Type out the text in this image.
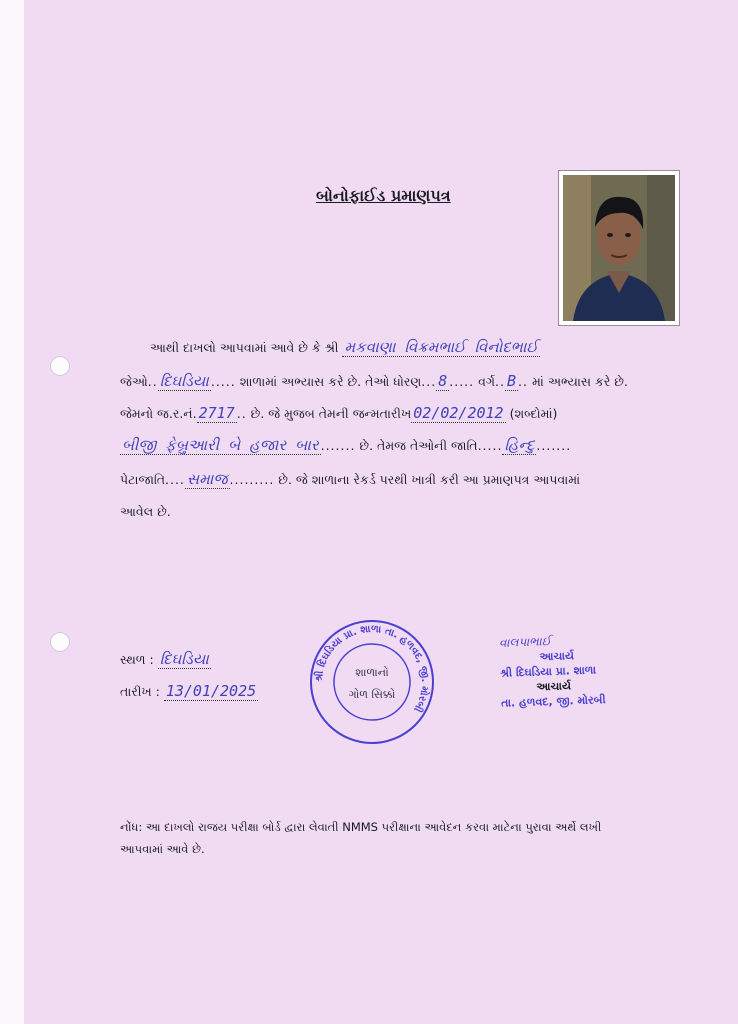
બોનોફાઈડ પ્રમાણપત્ર
આથી દાખલો આપવામાં આવે છે કે શ્રી મકવાણા વિક્રમભાઈ વિનોદભાઈ
જેઓ.. દિઘડિયા ..... શાળામાં અભ્યાસ કરે છે. તેઓ ધોરણ... 8 ..... વર્ગ.. B .. માં અભ્યાસ કરે છે.
જેમનો જ.ર.નં. 2717 .. છે. જે મુજબ તેમની જન્મતારીખ 02/02/2012 (શબ્દોમાં)
બીજી ફેબ્રુઆરી બે હજાર બાર ....... છે. તેમજ તેઓની જાતિ..... હિન્દુ .......
પેટાજાતિ.... સમાજ ......... છે. જે શાળાના રેકર્ડ પરથી ખાત્રી કરી આ પ્રમાણપત્ર આપવામાં
આવેલ છે.
સ્થળ : દિઘડિયા
તારીખ : 13/01/2025
શ્રી દિઘડિયા પ્રા. શાળા તા. હળવદ, જી. મોરબી
શાળાનો
ગોળ સિક્કો
વાલપાભાઈ
આચાર્ય
શ્રી દિઘડિયા પ્રા. શાળા
આચાર્ય
તા. હળવદ, જી. મોરબી
નોંધ: આ દાખલો રાજય પરીક્ષા બોર્ડ દ્વારા લેવાતી NMMS પરીક્ષાના આવેદન કરવા માટેના પુરાવા અર્થે લખી આપવામાં આવે છે.
